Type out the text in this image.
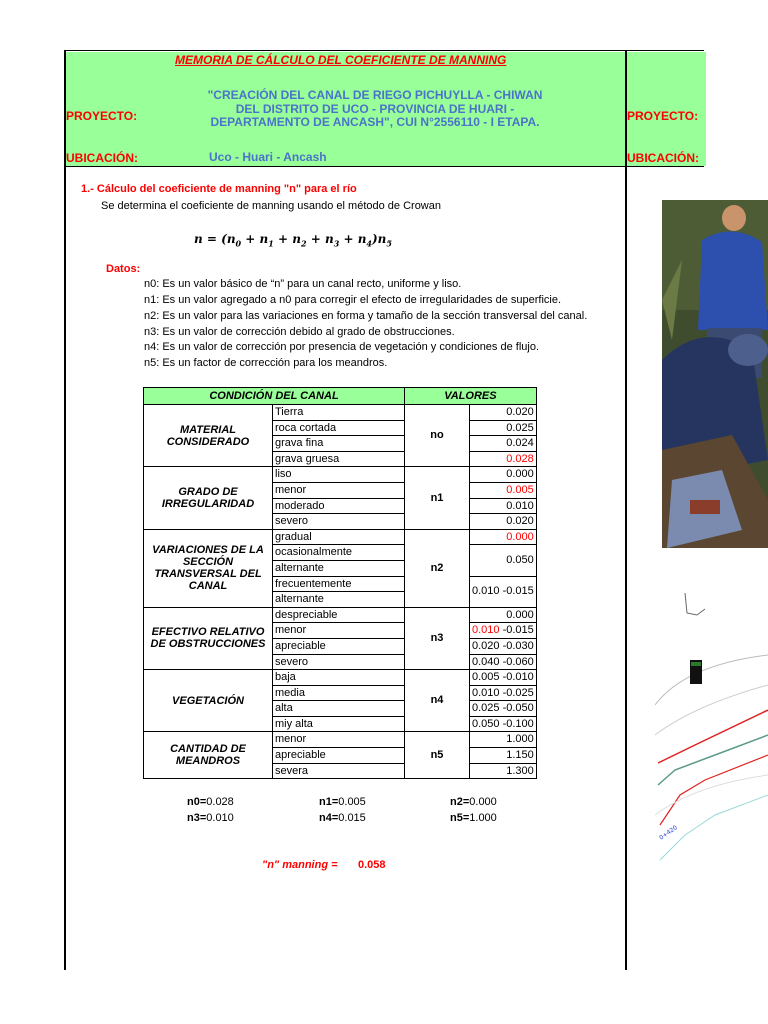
MEMORIA DE CÁLCULO DEL COEFICIENTE DE MANNING
PROYECTO:
"CREACIÓN DEL CANAL DE RIEGO PICHUYLLA - CHIWAN DEL DISTRITO DE UCO - PROVINCIA DE HUARI - DEPARTAMENTO DE ANCASH", CUI N°2556110 - I ETAPA.
UBICACIÓN:	Uco - Huari - Ancash
PROYECTO:
UBICACIÓN:
1.- Cálculo del coeficiente de manning "n" para el río
Se determina el coeficiente de manning usando el método de Crowan
$n = (n_0 + n_1 + n_2 + n_3 + n_4)n_5$
Datos:
n0: Es un valor básico de “n” para un canal recto, uniforme y liso.
n1: Es un valor agregado a n0 para corregir el efecto de irregularidades de superficie.
n2: Es un valor para las variaciones en forma y tamaño de la sección transversal del canal.
n3: Es un valor de corrección debido al grado de obstrucciones.
n4: Es un valor de corrección por presencia de vegetación y condiciones de flujo.
n5: Es un factor de corrección para los meandros.
CONDICIÓN DEL CANAL		VALORES	
MATERIAL CONSIDERADO	Tierra	no	0.020
	roca cortada		0.025
	grava fina		0.024
	grava gruesa		0.028
GRADO DE IRREGULARIDAD	liso	n1	0.000
	menor		0.005
	moderado		0.010
	severo		0.020
VARIACIONES DE LA SECCIÓN TRANSVERSAL DEL CANAL	gradual	n2	0.000
	ocasionalmente		0.050
	alternante		
	frecuentemente		0.010 -0.015
	alternante		
EFECTIVO RELATIVO DE OBSTRUCCIONES	despreciable	n3	0.000
	menor		0.010 -0.015
	apreciable		0.020 -0.030
	severo		0.040 -0.060
VEGETACIÓN	baja	n4	0.005 -0.010
	media		0.010 -0.025
	alta		0.025 -0.050
	miy alta		0.050 -0.100
CANTIDAD DE MEANDROS	menor	n5	1.000
	apreciable		1.150
	severa		1.300
n0=0.028	n1=0.005	n2=0.000
n3=0.010	n4=0.015	n5=1.000
"n" manning = 0.058
0+420
